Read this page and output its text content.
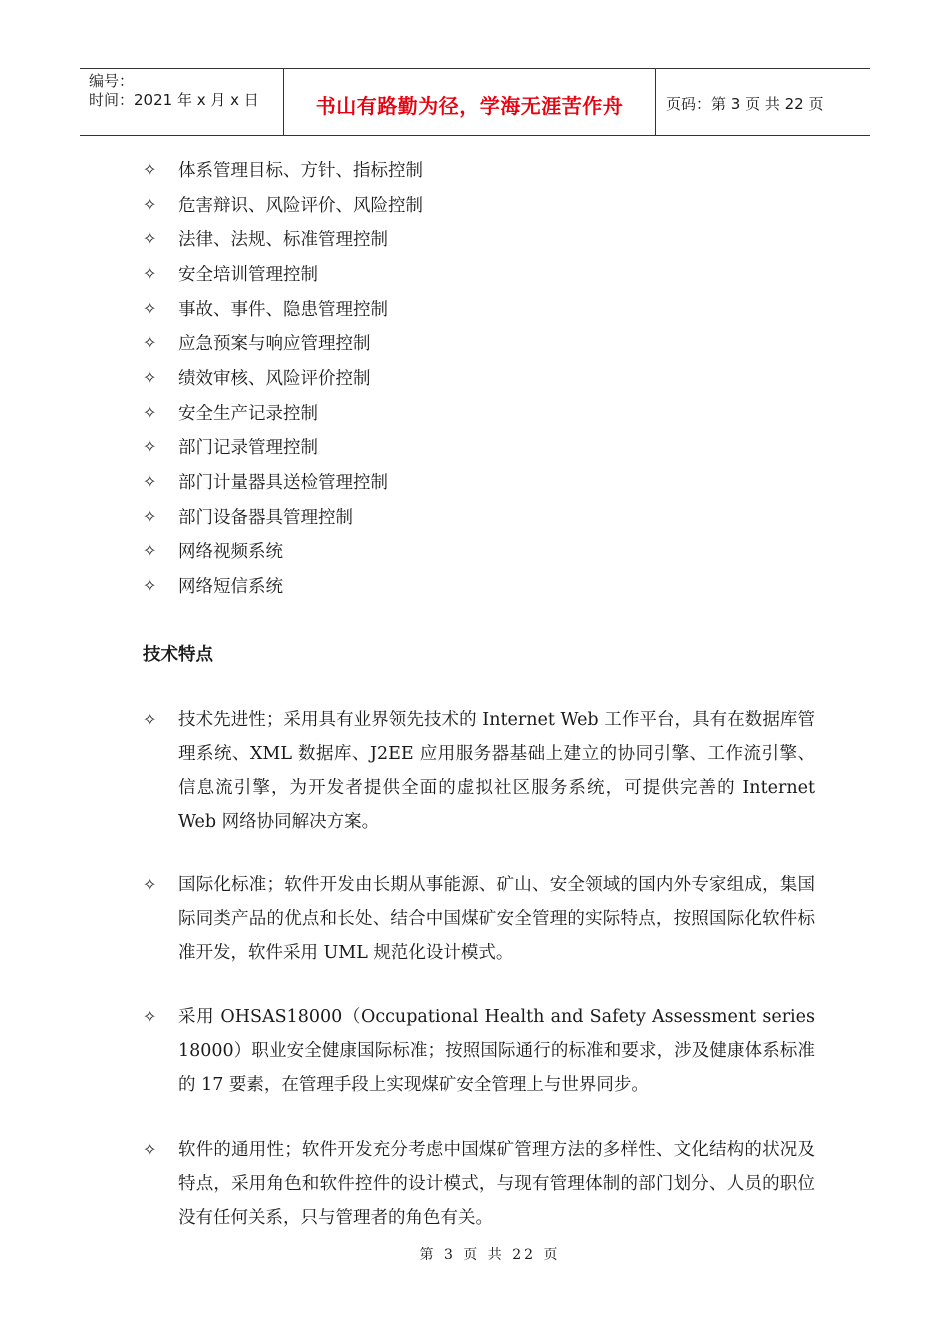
编号：
时间：2021 年 x 月 x 日	书山有路勤为径，学海无涯苦作舟	页码：第 3 页 共 22 页
✧	体系管理目标、方针、指标控制
✧	危害辩识、风险评价、风险控制
✧	法律、法规、标准管理控制
✧	安全培训管理控制
✧	事故、事件、隐患管理控制
✧	应急预案与响应管理控制
✧	绩效审核、风险评价控制
✧	安全生产记录控制
✧	部门记录管理控制
✧	部门计量器具送检管理控制
✧	部门设备器具管理控制
✧	网络视频系统
✧	网络短信系统
技术特点
✧	技术先进性；采用具有业界领先技术的 Internet Web 工作平台，具有在数据库管理系统、XML 数据库、J2EE 应用服务器基础上建立的协同引擎、工作流引擎、信息流引擎，为开发者提供全面的虚拟社区服务系统，可提供完善的 Internet Web 网络协同解决方案。
✧	国际化标准；软件开发由长期从事能源、矿山、安全领域的国内外专家组成，集国际同类产品的优点和长处、结合中国煤矿安全管理的实际特点，按照国际化软件标准开发，软件采用 UML 规范化设计模式。
✧	采用 OHSAS18000（Occupational Health and Safety Assessment series 18000）职业安全健康国际标准；按照国际通行的标准和要求，涉及健康体系标准的 17 要素，在管理手段上实现煤矿安全管理上与世界同步。
✧	软件的通用性；软件开发充分考虑中国煤矿管理方法的多样性、文化结构的状况及特点，采用角色和软件控件的设计模式，与现有管理体制的部门划分、人员的职位没有任何关系，只与管理者的角色有关。
第 3 页 共 22 页
